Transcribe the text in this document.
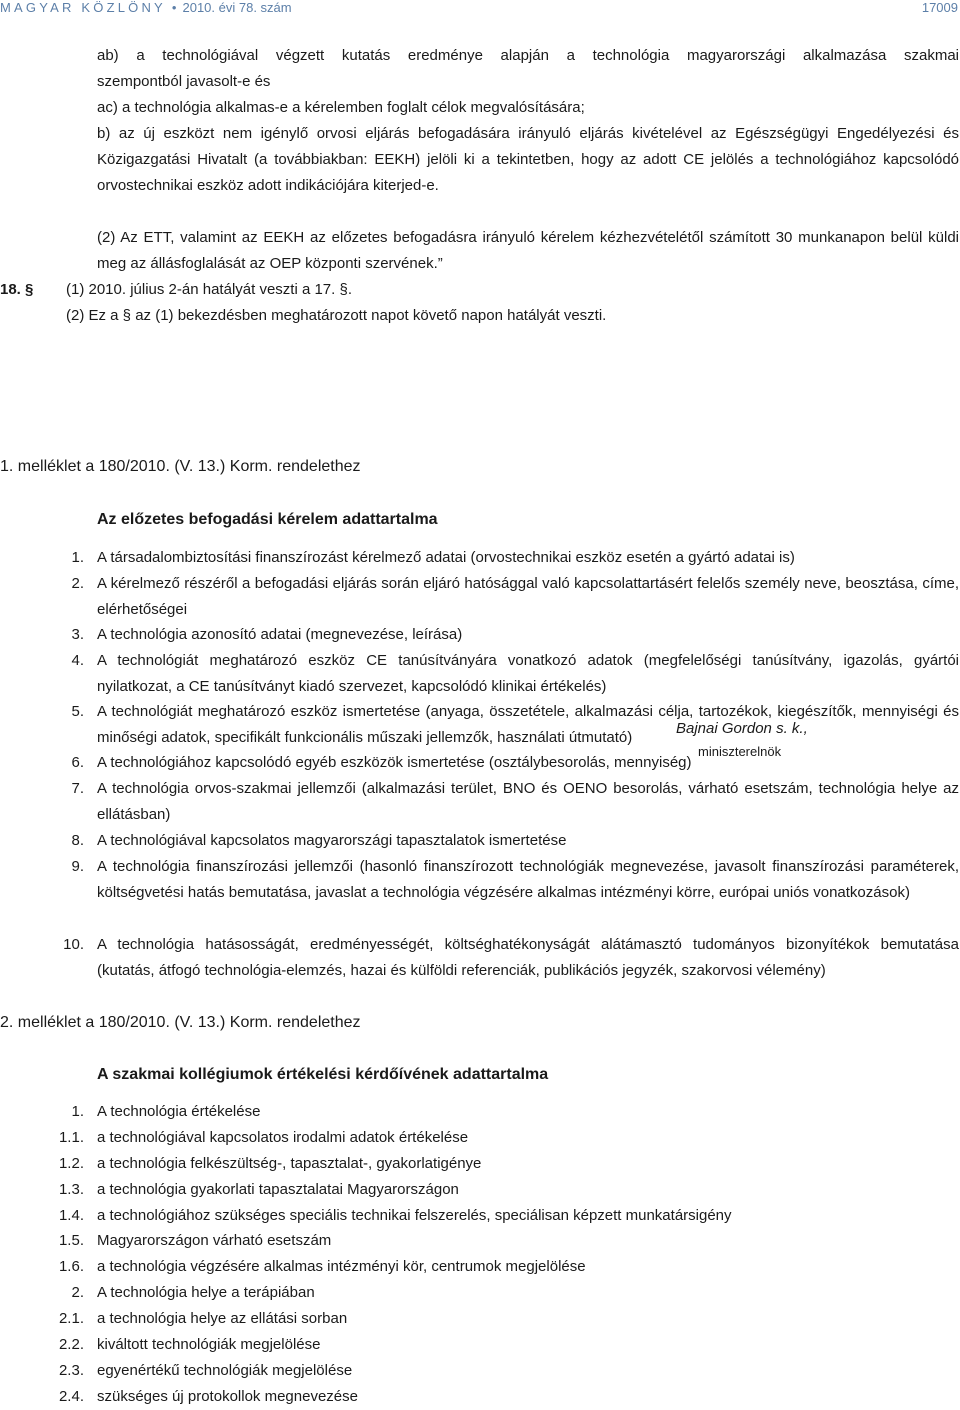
MAGYAR KÖZLÖNY • 2010. évi 78. szám	17009
ab) a technológiával végzett kutatás eredménye alapján a technológia magyarországi alkalmazása szakmai
szempontból javasolt-e és
ac) a technológia alkalmas-e a kérelemben foglalt célok megvalósítására;
b) az új eszközt nem igénylő orvosi eljárás befogadására irányuló eljárás kivételével az Egészségügyi Engedélyezési és Közigazgatási Hivatalt (a továbbiakban: EEKH) jelöli ki a tekintetben, hogy az adott CE jelölés a technológiához kapcsolódó orvostechnikai eszköz adott indikációjára kiterjed-e.
(2) Az ETT, valamint az EEKH az előzetes befogadásra irányuló kérelem kézhezvételétől számított 30 munkanapon belül küldi meg az állásfoglalását az OEP központi szervének.”
18. § (1) 2010. július 2-án hatályát veszti a 17. §.
(2) Ez a § az (1) bekezdésben meghatározott napot követő napon hatályát veszti.
Bajnai Gordon s. k.,
miniszterelnök
1. melléklet a 180/2010. (V. 13.) Korm. rendelethez
Az előzetes befogadási kérelem adattartalma
1. A társadalombiztosítási finanszírozást kérelmező adatai (orvostechnikai eszköz esetén a gyártó adatai is)
2. A kérelmező részéről a befogadási eljárás során eljáró hatósággal való kapcsolattartásért felelős személy neve, beosztása, címe, elérhetőségei
3. A technológia azonosító adatai (megnevezése, leírása)
4. A technológiát meghatározó eszköz CE tanúsítványára vonatkozó adatok (megfelelőségi tanúsítvány, igazolás, gyártói nyilatkozat, a CE tanúsítványt kiadó szervezet, kapcsolódó klinikai értékelés)
5. A technológiát meghatározó eszköz ismertetése (anyaga, összetétele, alkalmazási célja, tartozékok, kiegészítők, mennyiségi és minőségi adatok, specifikált funkcionális műszaki jellemzők, használati útmutató)
6. A technológiához kapcsolódó egyéb eszközök ismertetése (osztálybesorolás, mennyiség)
7. A technológia orvos-szakmai jellemzői (alkalmazási terület, BNO és OENO besorolás, várható esetszám, technológia helye az ellátásban)
8. A technológiával kapcsolatos magyarországi tapasztalatok ismertetése
9. A technológia finanszírozási jellemzői (hasonló finanszírozott technológiák megnevezése, javasolt finanszírozási paraméterek, költségvetési hatás bemutatása, javaslat a technológia végzésére alkalmas intézményi körre, európai uniós vonatkozások)
10. A technológia hatásosságát, eredményességét, költséghatékonyságát alátámasztó tudományos bizonyítékok bemutatása (kutatás, átfogó technológia-elemzés, hazai és külföldi referenciák, publikációs jegyzék, szakorvosi vélemény)
2. melléklet a 180/2010. (V. 13.) Korm. rendelethez
A szakmai kollégiumok értékelési kérdőívének adattartalma
1. A technológia értékelése
1.1. a technológiával kapcsolatos irodalmi adatok értékelése
1.2. a technológia felkészültség-, tapasztalat-, gyakorlatigénye
1.3. a technológia gyakorlati tapasztalatai Magyarországon
1.4. a technológiához szükséges speciális technikai felszerelés, speciálisan képzett munkatársigény
1.5. Magyarországon várható esetszám
1.6. a technológia végzésére alkalmas intézményi kör, centrumok megjelölése
2. A technológia helye a terápiában
2.1. a technológia helye az ellátási sorban
2.2. kiváltott technológiák megjelölése
2.3. egyenértékű technológiák megjelölése
2.4. szükséges új protokollok megnevezése
